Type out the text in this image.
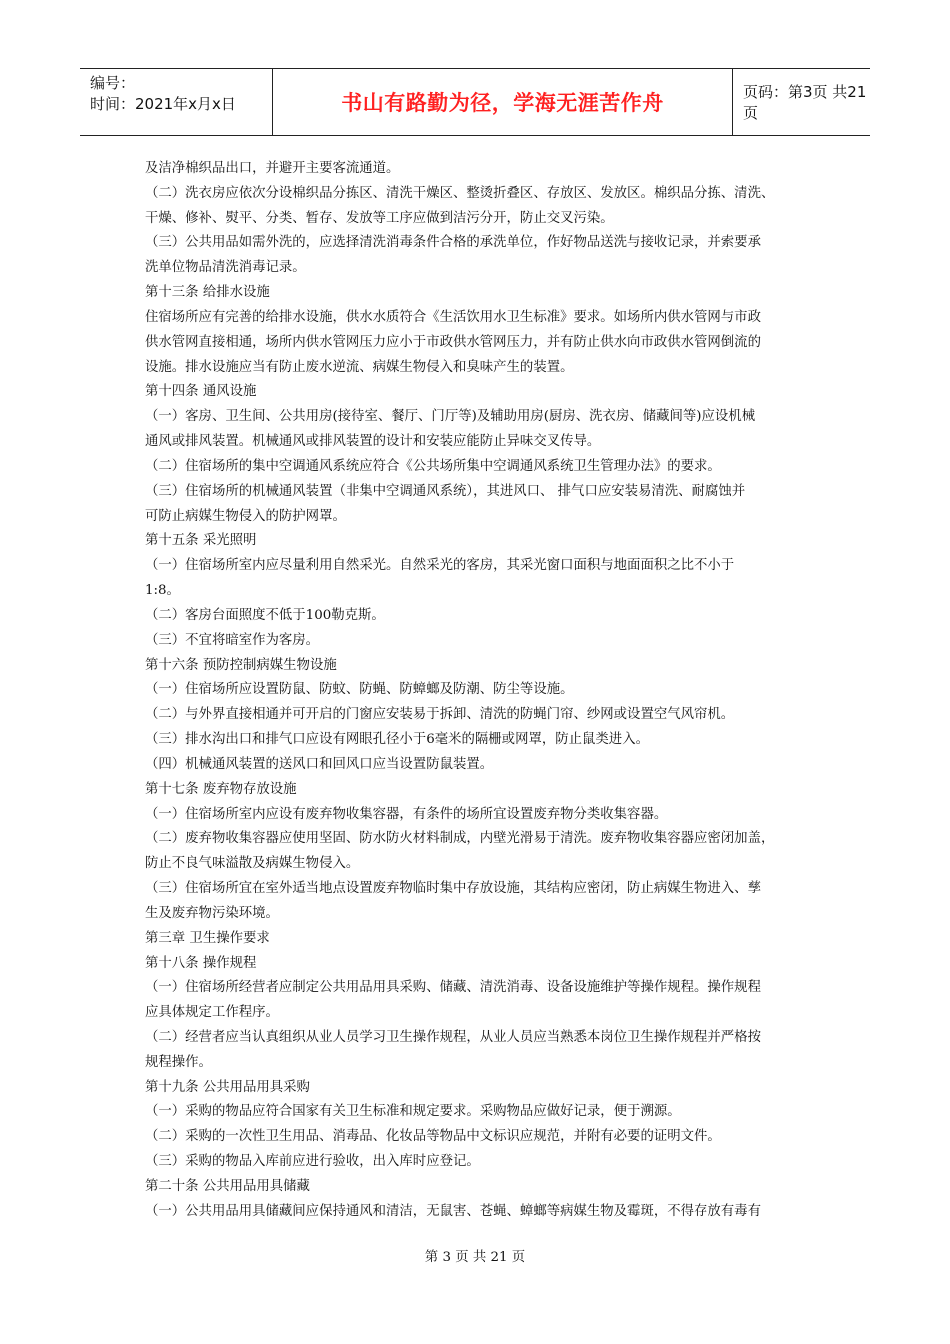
编号：
时间：2021年x月x日	书山有路勤为径，学海无涯苦作舟	页码：第3页 共21页
及洁净棉织品出口，并避开主要客流通道。
（二）洗衣房应依次分设棉织品分拣区、清洗干燥区、整烫折叠区、存放区、发放区。棉织品分拣、清洗、
干燥、修补、熨平、分类、暂存、发放等工序应做到洁污分开，防止交叉污染。
（三）公共用品如需外洗的，应选择清洗消毒条件合格的承洗单位，作好物品送洗与接收记录，并索要承
洗单位物品清洗消毒记录。
第十三条 给排水设施
住宿场所应有完善的给排水设施，供水水质符合《生活饮用水卫生标准》要求。如场所内供水管网与市政
供水管网直接相通，场所内供水管网压力应小于市政供水管网压力，并有防止供水向市政供水管网倒流的
设施。排水设施应当有防止废水逆流、病媒生物侵入和臭味产生的装置。
第十四条 通风设施
（一）客房、卫生间、公共用房(接待室、餐厅、门厅等)及辅助用房(厨房、洗衣房、储藏间等)应设机械
通风或排风装置。机械通风或排风装置的设计和安装应能防止异味交叉传导。
（二）住宿场所的集中空调通风系统应符合《公共场所集中空调通风系统卫生管理办法》的要求。
（三）住宿场所的机械通风装置（非集中空调通风系统），其进风口、 排气口应安装易清洗、耐腐蚀并
可防止病媒生物侵入的防护网罩。
第十五条 采光照明
（一）住宿场所室内应尽量利用自然采光。自然采光的客房，其采光窗口面积与地面面积之比不小于
1:8。
（二）客房台面照度不低于100勒克斯。
（三）不宜将暗室作为客房。
第十六条 预防控制病媒生物设施
（一）住宿场所应设置防鼠、防蚊、防蝇、防蟑螂及防潮、防尘等设施。
（二）与外界直接相通并可开启的门窗应安装易于拆卸、清洗的防蝇门帘、纱网或设置空气风帘机。
（三）排水沟出口和排气口应设有网眼孔径小于6毫米的隔栅或网罩，防止鼠类进入。
（四）机械通风装置的送风口和回风口应当设置防鼠装置。
第十七条 废弃物存放设施
（一）住宿场所室内应设有废弃物收集容器，有条件的场所宜设置废弃物分类收集容器。
（二）废弃物收集容器应使用坚固、防水防火材料制成，内壁光滑易于清洗。废弃物收集容器应密闭加盖，
防止不良气味溢散及病媒生物侵入。
（三）住宿场所宜在室外适当地点设置废弃物临时集中存放设施，其结构应密闭，防止病媒生物进入、孳
生及废弃物污染环境。
第三章 卫生操作要求
第十八条 操作规程
（一）住宿场所经营者应制定公共用品用具采购、储藏、清洗消毒、设备设施维护等操作规程。操作规程
应具体规定工作程序。
（二）经营者应当认真组织从业人员学习卫生操作规程，从业人员应当熟悉本岗位卫生操作规程并严格按
规程操作。
第十九条 公共用品用具采购
（一）采购的物品应符合国家有关卫生标准和规定要求。采购物品应做好记录，便于溯源。
（二）采购的一次性卫生用品、消毒品、化妆品等物品中文标识应规范，并附有必要的证明文件。
（三）采购的物品入库前应进行验收，出入库时应登记。
第二十条 公共用品用具储藏
（一）公共用品用具储藏间应保持通风和清洁，无鼠害、苍蝇、蟑螂等病媒生物及霉斑，不得存放有毒有
第 3 页 共 21 页
